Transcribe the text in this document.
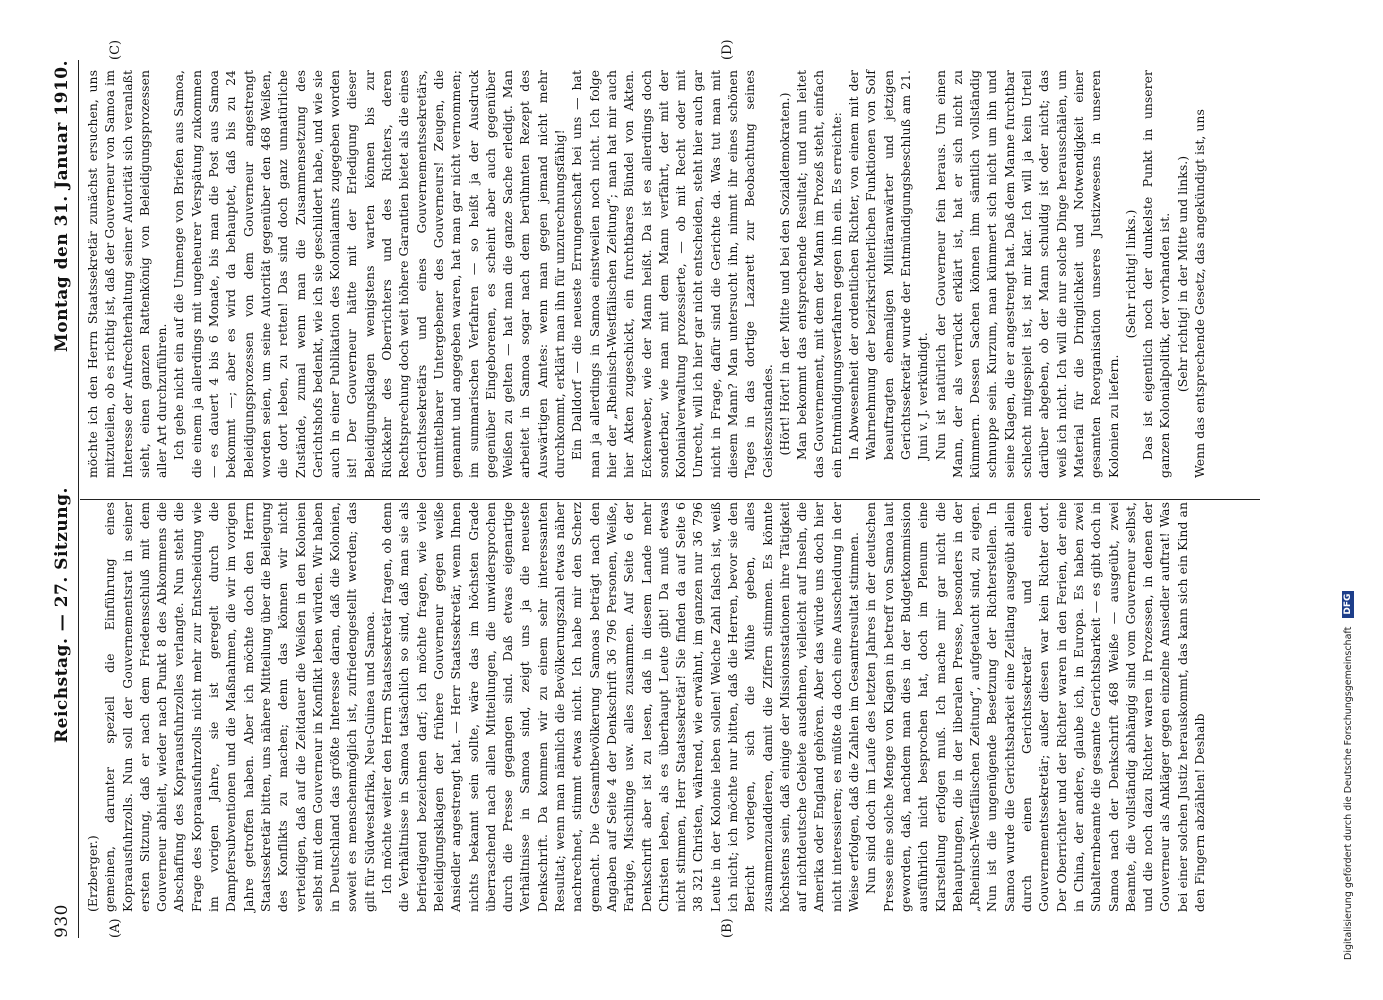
930
Reichstag. — 27. Sitzung.
Montag den 31. Januar 1910.
(A)	(B)
(C)	(D)

(Erzberger.) gemeinen, darunter speziell die Einführung eines Kopraausfuhrzolls. Nun soll der Gouvernementsrat in seiner ersten Sitzung, daß er nach dem Friedensschluß mit dem Gouverneur abhielt, wieder nach Punkt 8 des Abkommens die Abschaffung des Kopraausfuhrzolles verlangte. Nun steht die Frage des Kopraausfuhrzolls nicht mehr zur Entscheidung wie im vorigen Jahre, sie ist geregelt durch die Dampfersubventionen und die Maßnahmen, die wir im vorigen Jahre getroffen haben. Aber ich möchte doch den Herrn Staatssekretär bitten, uns nähere Mitteilung über die Beilegung des Konflikts zu machen; denn das können wir nicht verteidigen, daß auf die Zeitdauer die Weißen in den Kolonien selbst mit dem Gouverneur in Konflikt leben würden. Wir haben in Deutschland das größte Interesse daran, daß die Kolonien, soweit es menschenmöglich ist, zufriedengestellt werden; das gilt für Südwestafrika, Neu-Guinea und Samoa. Ich möchte weiter den Herrn Staatssekretär fragen, ob denn die Verhältnisse in Samoa tatsächlich so sind, daß man sie als befriedigend bezeichnen darf; ich möchte fragen, wie viele Beleidigungsklagen der frühere Gouverneur gegen weiße Ansiedler angestrengt hat. — Herr Staatssekretär, wenn Ihnen nichts bekannt sein sollte, wäre das im höchsten Grade überraschend nach allen Mitteilungen, die unwidersprochen durch die Presse gegangen sind. Daß etwas eigenartige Verhältnisse in Samoa sind, zeigt uns ja die neueste Denkschrift. Da kommen wir zu einem sehr interessanten Resultat; wenn man nämlich die Bevölkerungszahl etwas näher nachrechnet, stimmt etwas nicht. Ich habe mir den Scherz gemacht. Die Gesamtbevölkerung Samoas beträgt nach den Angaben auf Seite 4 der Denkschrift 36 796 Personen, Weiße, Farbige, Mischlinge usw. alles zusammen. Auf Seite 6 der Denkschrift aber ist zu lesen, daß in diesem Lande mehr Christen leben, als es überhaupt Leute gibt! Da muß etwas nicht stimmen, Herr Staatssekretär! Sie finden da auf Seite 6 38 321 Christen, während, wie erwähnt, im ganzen nur 36 796 Leute in der Kolonie leben sollen! Welche Zahl falsch ist, weiß ich nicht; ich möchte nur bitten, daß die Herren, bevor sie den Bericht vorlegen, sich die Mühe geben, alles zusammenzuaddieren, damit die Ziffern stimmen. Es könnte höchstens sein, daß einige der Missionsstationen ihre Tätigkeit auf nichtdeutsche Gebiete ausdehnen, vielleicht auf Inseln, die Amerika oder England gehören. Aber das würde uns doch hier nicht interessieren; es müßte da doch eine Ausscheidung in der Weise erfolgen, daß die Zahlen im Gesamtresultat stimmen. Nun sind doch im Laufe des letzten Jahres in der deutschen Presse eine solche Menge von Klagen in betreff von Samoa laut geworden, daß, nachdem man dies in der Budgetkommission ausführlich nicht besprochen hat, doch im Plenum eine Klarstellung erfolgen muß. Ich mache mir gar nicht die Behauptungen, die in der liberalen Presse, besonders in der „Rheinisch-Westfälischen Zeitung“, aufgetaucht sind, zu eigen. Nun ist die ungenügende Besetzung der Richterstellen. In Samoa wurde die Gerichtsbarkeit eine Zeitlang ausgeübt allein durch einen Gerichtssekretär und einen Gouvernementssekretär; außer diesen war kein Richter dort. Der Oberrichter und der Richter waren in den Ferien, der eine in China, der andere, glaube ich, in Europa. Es haben zwei Subalternbeamte die gesamte Gerichtsbarkeit — es gibt doch in Samoa nach der Denkschrift 468 Weiße — ausgeübt, zwei Beamte, die vollständig abhängig sind vom Gouverneur selbst, und die noch dazu Richter waren in Prozessen, in denen der Gouverneur als Ankläger gegen einzelne Ansiedler auftrat! Was bei einer solchen Justiz herauskommt, das kann sich ein Kind an den Fingern abzählen! Deshalb

möchte ich den Herrn Staatssekretär zunächst ersuchen, uns mitzuteilen, ob es richtig ist, daß der Gouverneur von Samoa im Interesse der Aufrechterhaltung seiner Autorität sich veranlaßt sieht, einen ganzen Rattenkönig von Beleidigungsprozessen aller Art durchzuführen. Ich gehe nicht ein auf die Unmenge von Briefen aus Samoa, die einem ja allerdings mit ungeheurer Verspätung zukommen — es dauert 4 bis 6 Monate, bis man die Post aus Samoa bekommt —; aber es wird da behauptet, daß bis zu 24 Beleidigungsprozessen von dem Gouverneur angestrengt worden seien, um seine Autorität gegenüber den 468 Weißen, die dort leben, zu retten! Das sind doch ganz unnatürliche Zustände, zumal wenn man die Zusammensetzung des Gerichtshofs bedenkt, wie ich sie geschildert habe, und wie sie auch in einer Publikation des Kolonialamts zugegeben worden ist! Der Gouverneur hätte mit der Erledigung dieser Beleidigungsklagen wenigstens warten können bis zur Rückkehr des Oberrichters und des Richters, deren Rechtsprechung doch weit höhere Garantien bietet als die eines Gerichtssekretärs und eines Gouvernementssekretärs, unmittelbarer Untergebener des Gouverneurs! Zeugen, die genannt und angegeben waren, hat man gar nicht vernommen; im summarischen Verfahren — so heißt ja der Ausdruck gegenüber Eingeborenen, es scheint aber auch gegenüber Weißen zu gelten — hat man die ganze Sache erledigt. Man arbeitet in Samoa sogar nach dem berühmten Rezept des Auswärtigen Amtes: wenn man gegen jemand nicht mehr durchkommt, erklärt man ihn für unzurechnungsfähig! Ein Dalldorf — die neueste Errungenschaft bei uns — hat man ja allerdings in Samoa einstweilen noch nicht. Ich folge hier der „Rheinisch-Westfälischen Zeitung“; man hat mir auch hier Akten zugeschickt, ein furchtbares Bündel von Akten. Eckenweber, wie der Mann heißt. Da ist es allerdings doch sonderbar, wie man mit dem Mann verfährt, der mit der Kolonialverwaltung prozessierte, — ob mit Recht oder mit Unrecht, will ich hier gar nicht entscheiden, steht hier auch gar nicht in Frage, dafür sind die Gerichte da. Was tut man mit diesem Mann? Man untersucht ihn, nimmt ihr eines schönen Tages in das dortige Lazarett zur Beobachtung seines Geisteszustandes. (Hört! Hört! in der Mitte und bei den Sozialdemokraten.) Man bekommt das entsprechende Resultat; und nun leitet das Gouvernement, mit dem der Mann im Prozeß steht, einfach ein Entmündigungsverfahren gegen ihn ein. Es erreichte: In Abwesenheit der ordentlichen Richter, von einem mit der Wahrnehmung der bezirksrichterlichen Funktionen von Solf beauftragten ehemaligen Militäranwärter und jetzigen Gerichtssekretär wurde der Entmündigungsbeschluß am 21. Juni v. J. verkündigt. Nun ist natürlich der Gouverneur fein heraus. Um einen Mann, der als verrückt erklärt ist, hat er sich nicht zu kümmern. Dessen Sachen können ihm sämtlich vollständig schnuppe sein. Kurzum, man kümmert sich nicht um ihn und seine Klagen, die er angestrengt hat. Daß dem Manne furchtbar schlecht mitgespielt ist, ist mir klar. Ich will ja kein Urteil darüber abgeben, ob der Mann schuldig ist oder nicht; das weiß ich nicht. Ich will die nur solche Dinge herausschälen, um Material für die Dringlichkeit und Notwendigkeit einer gesamten Reorganisation unseres Justizwesens in unseren Kolonien zu liefern.

(Sehr richtig! links.) Das ist eigentlich noch der dunkelste Punkt in unserer ganzen Kolonialpolitik, der vorhanden ist. (Sehr richtig! in der Mitte und links.) Wenn das entsprechende Gesetz, das angekündigt ist, uns

Digitalisierung gefördert durch die Deutsche Forschungsgemeinschaft DFG
